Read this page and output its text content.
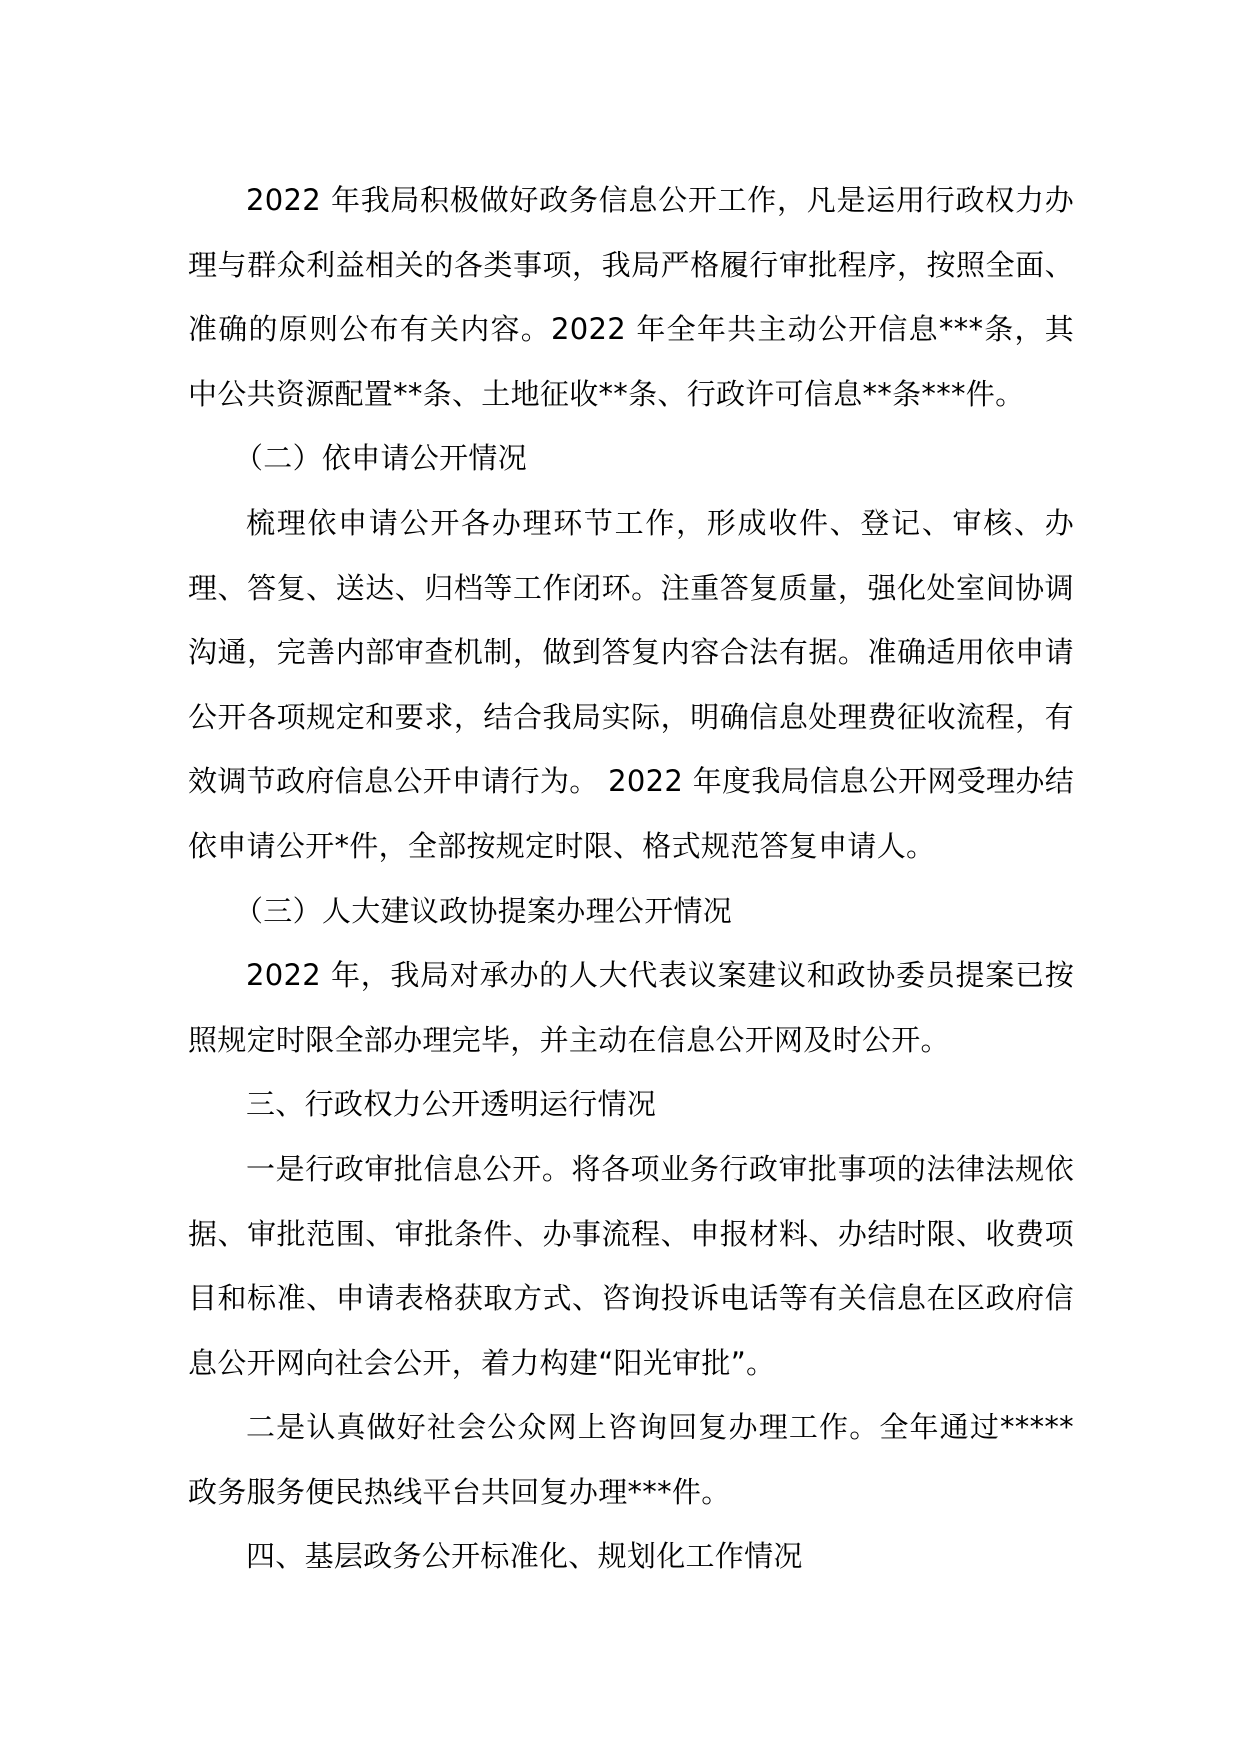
2022 年我局积极做好政务信息公开工作，凡是运用行政权力办理与群众利益相关的各类事项，我局严格履行审批程序，按照全面、准确的原则公布有关内容。2022 年全年共主动公开信息***条，其中公共资源配置**条、土地征收**条、行政许可信息**条***件。

（二）依申请公开情况

梳理依申请公开各办理环节工作，形成收件、登记、审核、办理、答复、送达、归档等工作闭环。注重答复质量，强化处室间协调沟通，完善内部审查机制，做到答复内容合法有据。准确适用依申请公开各项规定和要求，结合我局实际，明确信息处理费征收流程，有效调节政府信息公开申请行为。 2022 年度我局信息公开网受理办结依申请公开*件，全部按规定时限、格式规范答复申请人。

（三）人大建议政协提案办理公开情况

2022 年，我局对承办的人大代表议案建议和政协委员提案已按照规定时限全部办理完毕，并主动在信息公开网及时公开。

三、行政权力公开透明运行情况

一是行政审批信息公开。将各项业务行政审批事项的法律法规依据、审批范围、审批条件、办事流程、申报材料、办结时限、收费项目和标准、申请表格获取方式、咨询投诉电话等有关信息在区政府信息公开网向社会公开，着力构建“阳光审批”。

二是认真做好社会公众网上咨询回复办理工作。全年通过*****政务服务便民热线平台共回复办理***件。

四、基层政务公开标准化、规划化工作情况
